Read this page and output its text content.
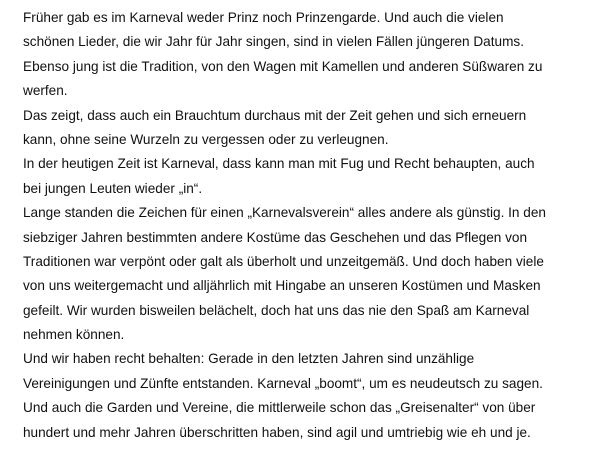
Früher gab es im Karneval weder Prinz noch Prinzengarde. Und auch die vielen
schönen Lieder, die wir Jahr für Jahr singen, sind in vielen Fällen jüngeren Datums.
Ebenso jung ist die Tradition, von den Wagen mit Kamellen und anderen Süßwaren zu
werfen.
Das zeigt, dass auch ein Brauchtum durchaus mit der Zeit gehen und sich erneuern
kann, ohne seine Wurzeln zu vergessen oder zu verleugnen.
In der heutigen Zeit ist Karneval, dass kann man mit Fug und Recht behaupten, auch
bei jungen Leuten wieder „in“.
Lange standen die Zeichen für einen „Karnevalsverein“ alles andere als günstig. In den
siebziger Jahren bestimmten andere Kostüme das Geschehen und das Pflegen von
Traditionen war verpönt oder galt als überholt und unzeitgemäß. Und doch haben viele
von uns weitergemacht und alljährlich mit Hingabe an unseren Kostümen und Masken
gefeilt. Wir wurden bisweilen belächelt, doch hat uns das nie den Spaß am Karneval
nehmen können.
Und wir haben recht behalten: Gerade in den letzten Jahren sind unzählige
Vereinigungen und Zünfte entstanden. Karneval „boomt“, um es neudeutsch zu sagen.
Und auch die Garden und Vereine, die mittlerweile schon das „Greisenalter“ von über
hundert und mehr Jahren überschritten haben, sind agil und umtriebig wie eh und je.
